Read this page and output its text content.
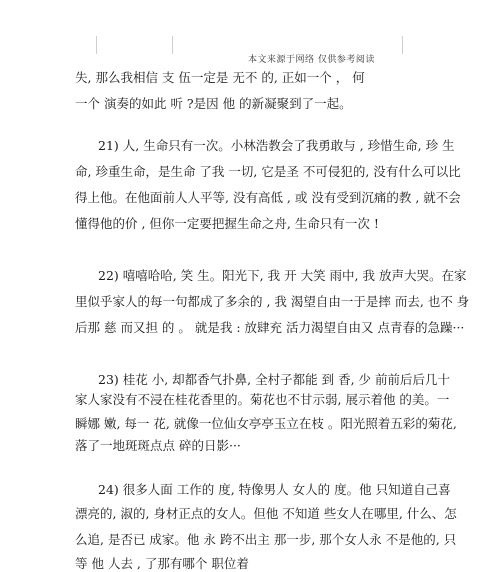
本文来源于网络 仅供参考阅读
失, 那么我相信 支 伍一定是 无不 的, 正如一个 ， 何
一个 演奏的如此 听 ?是因 他 的新凝聚到了一起。
21) 人, 生命只有一次。小林浩教会了我勇敢与 , 珍惜生命, 珍 生
命, 珍重生命，是生命 了我 一切, 它是圣 不可侵犯的, 没有什么可以比
得上他。在他面前人人平等, 没有高低 , 或 没有受到沉痛的教 , 就不会
懂得他的价 , 但你一定要把握生命之舟, 生命只有一次 !
22) 嘻嘻哈哈, 笑 生。阳光下, 我 开 大笑 雨中, 我 放声大哭。在家
里似乎家人的每一句都成了多余的 , 我 渴望自由一于是摔 而去, 也不 身
后那 慈 而又担 的 。 就是我 : 放肆充 活力渴望自由又 点青春的急躁···
23) 桂花 小, 却都香气扑鼻, 全村子都能 到 香, 少 前前后后几十
家人家没有不浸在桂花香里的。菊花也不甘示弱, 展示着他 的美。一
瞬娜 嫩, 每一 花, 就像一位仙女亭亭玉立在枝 。阳光照着五彩的菊花,
落了一地斑斑点点 碎的日影···
24) 很多人面 工作的 度, 特像男人 女人的 度。他 只知道自己喜
漂亮的, 淑的, 身材正点的女人。但他 不知道 些女人在哪里, 什么、怎
么追, 是否已 成家。他 永 跨不出主 那一步, 那个女人永 不是他的, 只
等 他 人去 , 了那有哪个 职位着
